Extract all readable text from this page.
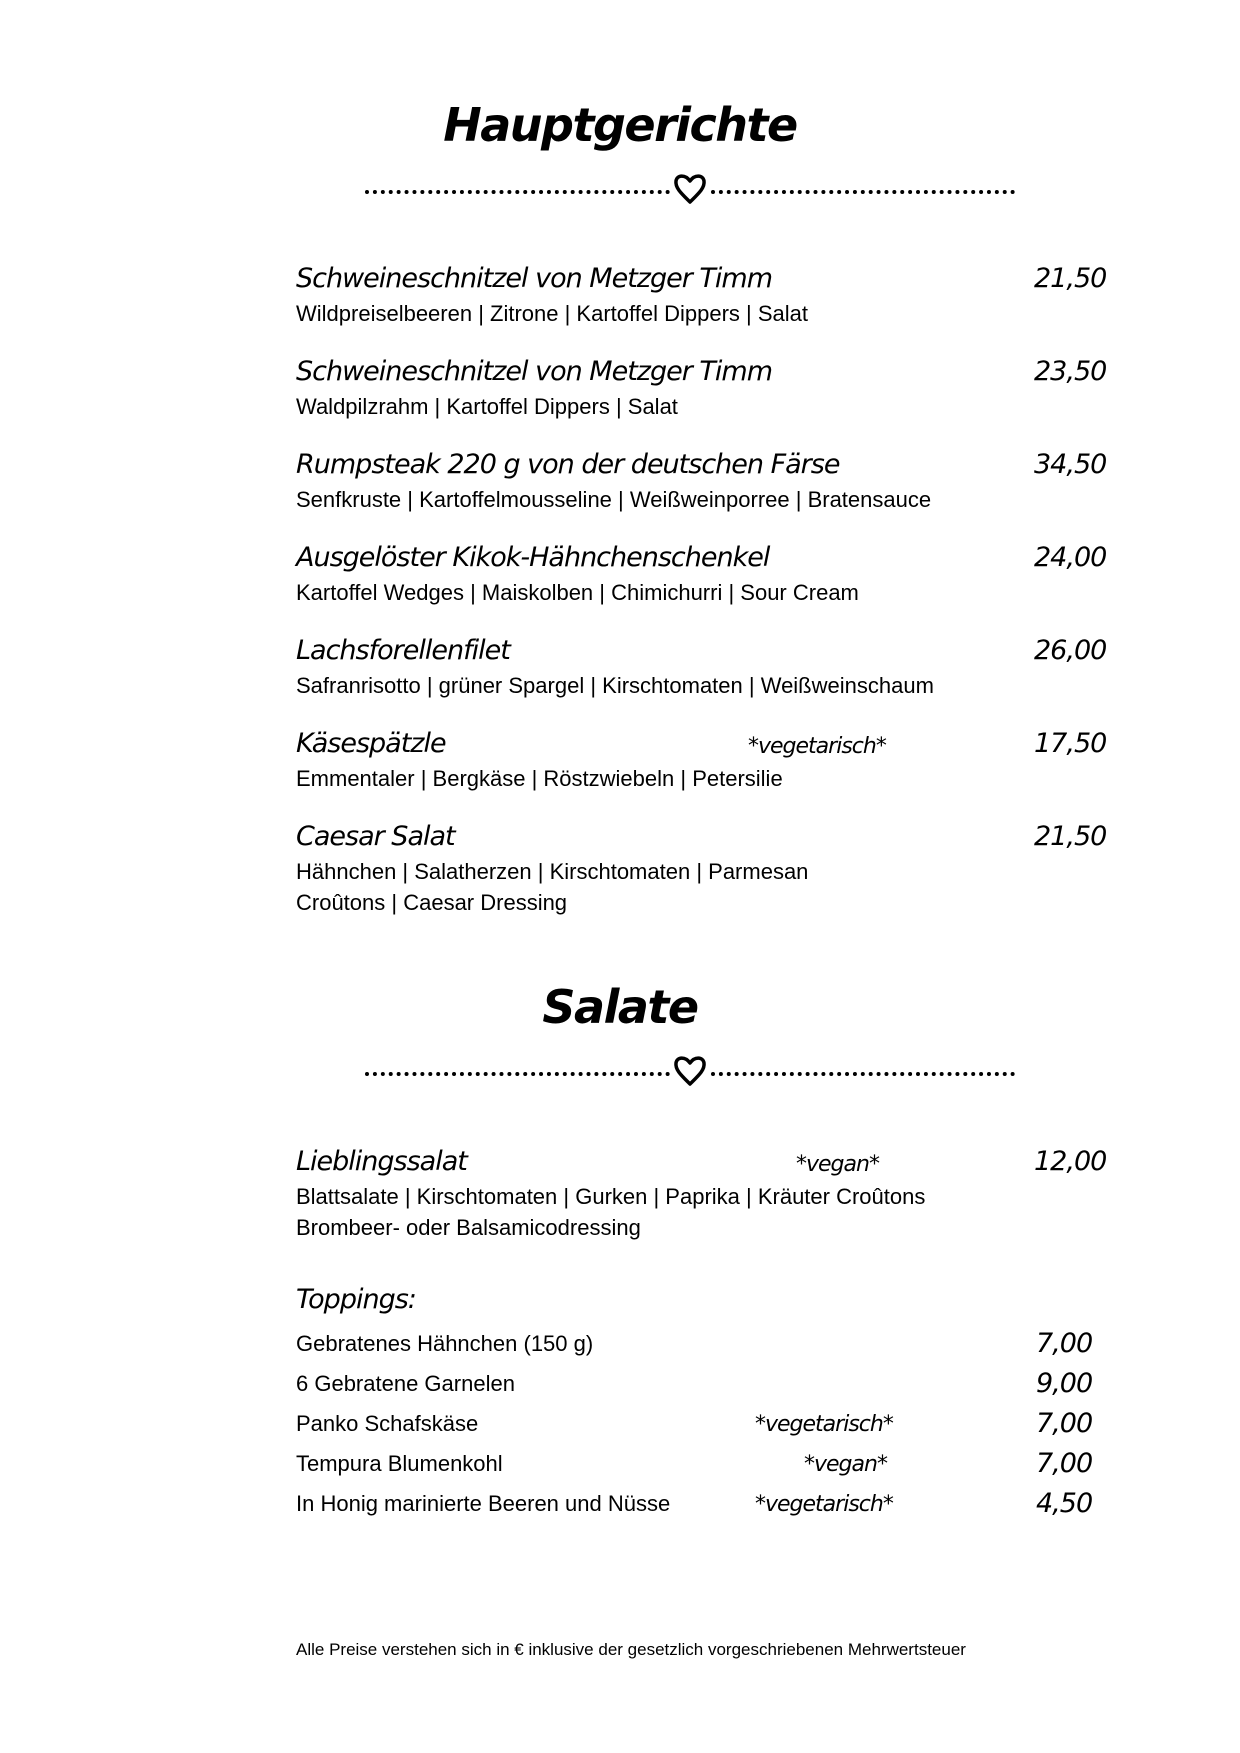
Hauptgerichte
Schweineschnitzel von Metzger Timm	21,50
Wildpreiselbeeren | Zitrone | Kartoffel Dippers | Salat
Schweineschnitzel von Metzger Timm	23,50
Waldpilzrahm | Kartoffel Dippers | Salat
Rumpsteak 220 g von der deutschen Färse	34,50
Senfkruste | Kartoffelmousseline | Weißweinporree | Bratensauce
Ausgelöster Kikok-Hähnchenschenkel	24,00
Kartoffel Wedges | Maiskolben | Chimichurri | Sour Cream
Lachsforellenfilet	26,00
Safranrisotto | grüner Spargel | Kirschtomaten | Weißweinschaum
Käsespätzle	*vegetarisch*	17,50
Emmentaler | Bergkäse | Röstzwiebeln | Petersilie
Caesar Salat	21,50
Hähnchen | Salatherzen | Kirschtomaten | Parmesan
Croûtons | Caesar Dressing
Salate
Lieblingssalat	*vegan*	12,00
Blattsalate | Kirschtomaten | Gurken | Paprika | Kräuter Croûtons
Brombeer- oder Balsamicodressing
Toppings:
Gebratenes Hähnchen (150 g)	7,00
6 Gebratene Garnelen	9,00
Panko Schafskäse	*vegetarisch*	7,00
Tempura Blumenkohl	*vegan*	7,00
In Honig marinierte Beeren und Nüsse	*vegetarisch*	4,50
Alle Preise verstehen sich in € inklusive der gesetzlich vorgeschriebenen Mehrwertsteuer
